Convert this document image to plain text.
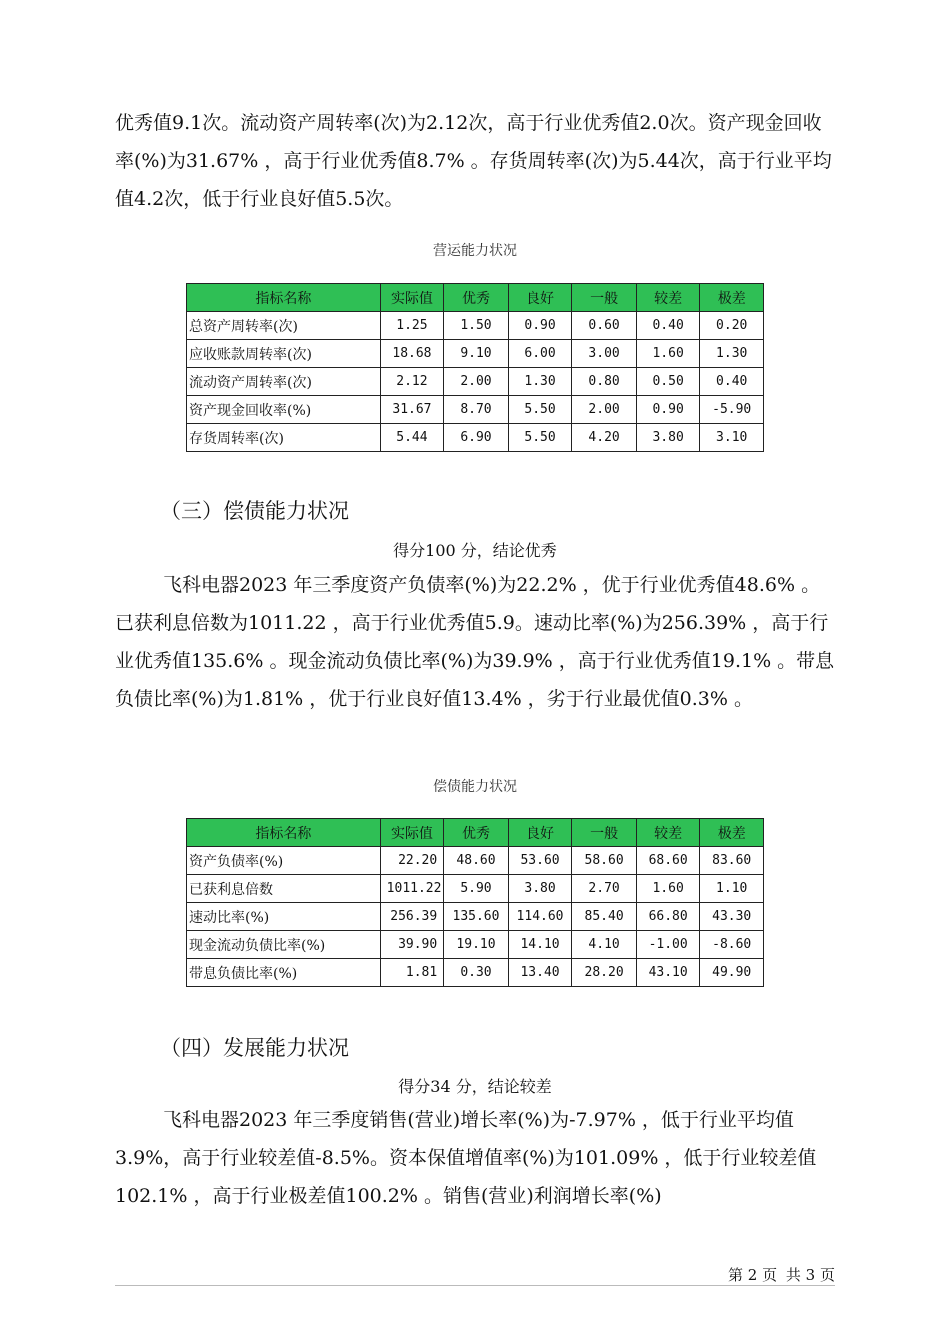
优秀值9.1次。流动资产周转率(次)为2.12次，高于行业优秀值2.0次。资产现金回收率(%)为31.67% ，高于行业优秀值8.7% 。存货周转率(次)为5.44次，高于行业平均值4.2次，低于行业良好值5.5次。

营运能力状况
指标名称	实际值	优秀	良好	一般	较差	极差
总资产周转率(次)	1.25	1.50	0.90	0.60	0.40	0.20
应收账款周转率(次)	18.68	9.10	6.00	3.00	1.60	1.30
流动资产周转率(次)	2.12	2.00	1.30	0.80	0.50	0.40
资产现金回收率(%)	31.67	8.70	5.50	2.00	0.90	-5.90
存货周转率(次)	5.44	6.90	5.50	4.20	3.80	3.10
（三）偿债能力状况
得分100 分，结论优秀

飞科电器2023 年三季度资产负债率(%)为22.2% ，优于行业优秀值48.6% 。已获利息倍数为1011.22 ，高于行业优秀值5.9。速动比率(%)为256.39% ，高于行业优秀值135.6% 。现金流动负债比率(%)为39.9% ，高于行业优秀值19.1% 。带息负债比率(%)为1.81% ，优于行业良好值13.4% ，劣于行业最优值0.3% 。

偿债能力状况
指标名称	实际值	优秀	良好	一般	较差	极差
资产负债率(%)	22.20	48.60	53.60	58.60	68.60	83.60
已获利息倍数	1011.22	5.90	3.80	2.70	1.60	1.10
速动比率(%)	256.39	135.60	114.60	85.40	66.80	43.30
现金流动负债比率(%)	39.90	19.10	14.10	4.10	-1.00	-8.60
带息负债比率(%)	1.81	0.30	13.40	28.20	43.10	49.90
（四）发展能力状况
得分34 分，结论较差

飞科电器2023 年三季度销售(营业)增长率(%)为-7.97% ，低于行业平均值3.9%，高于行业较差值-8.5%。资本保值增值率(%)为101.09% ，低于行业较差值102.1% ，高于行业极差值100.2% 。销售(营业)利润增长率(%)

第 2 页 共 3 页
